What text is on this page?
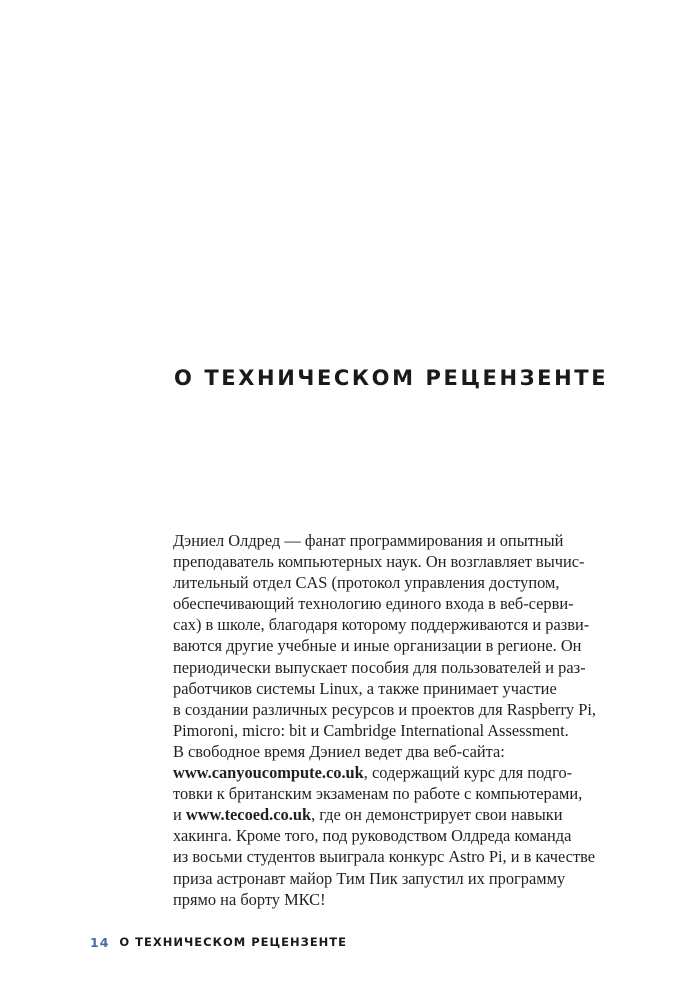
О ТЕХНИЧЕСКОМ РЕЦЕНЗЕНТЕ
Дэниел Олдред — фанат программирования и опытный
преподаватель компьютерных наук. Он возглавляет вычис-
лительный отдел CAS (протокол управления доступом,
обеспечивающий технологию единого входа в веб-серви-
сах) в школе, благодаря которому поддерживаются и разви-
ваются другие учебные и иные организации в регионе. Он
периодически выпускает пособия для пользователей и раз-
работчиков системы Linux, а также принимает участие
в создании различных ресурсов и проектов для Raspberry Pi,
Pimoroni, micro: bit и Cambridge International Assessment.
В свободное время Дэниел ведет два веб-сайта:
www.canyoucompute.co.uk, содержащий курс для подго-
товки к британским экзаменам по работе с компьютерами,
и www.tecoed.co.uk, где он демонстрирует свои навыки
хакинга. Кроме того, под руководством Олдреда команда
из восьми студентов выиграла конкурс Astro Pi, и в качестве
приза астронавт майор Тим Пик запустил их программу
прямо на борту МКС!
14 О ТЕХНИЧЕСКОМ РЕЦЕНЗЕНТЕ
